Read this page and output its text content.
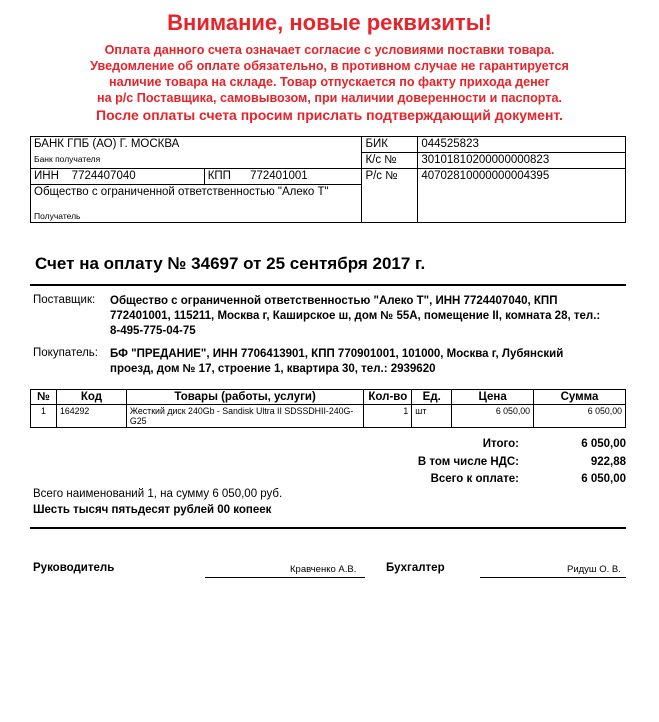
Внимание, новые реквизиты!
Оплата данного счета означает согласие с условиями поставки товара.
Уведомление об оплате обязательно, в противном случае не гарантируется
наличие товара на складе. Товар отпускается по факту прихода денег
на р/с Поставщика, самовывозом, при наличии доверенности и паспорта.
После оплаты счета просим прислать подтверждающий документ.
БАНК ГПБ (АО) Г. МОСКВА		БИК	044525823
		К/с №	30101810200000000823
Банк получателя			
ИНН 7724407040	КПП 772401001	Р/с №	40702810000000004395
Общество с ограниченной ответственностью "Алеко Т"			
Получатель			
Счет на оплату № 34697 от 25 сентября 2017 г.
Поставщик: Общество с ограниченной ответственностью "Алеко Т", ИНН 7724407040, КПП 772401001, 115211, Москва г, Каширское ш, дом № 55А, помещение II, комната 28, тел.: 8-495-775-04-75
Покупатель: БФ "ПРЕДАНИЕ", ИНН 7706413901, КПП 770901001, 101000, Москва г, Лубянский проезд, дом № 17, строение 1, квартира 30, тел.: 2939620
№	Код	Товары (работы, услуги)	Кол-во	Ед.	Цена	Сумма
1	164292	Жесткий диск 240Gb - Sandisk Ultra II SDSSDHII-240G-G25	1	шт	6 050,00	6 050,00
Итого:	6 050,00
В том числе НДС:	922,88
Всего к оплате:	6 050,00
Всего наименований 1, на сумму 6 050,00 руб.
Шесть тысяч пятьдесят рублей 00 копеек
Руководитель	Кравченко А.В.	Бухгалтер	Ридуш О. В.
